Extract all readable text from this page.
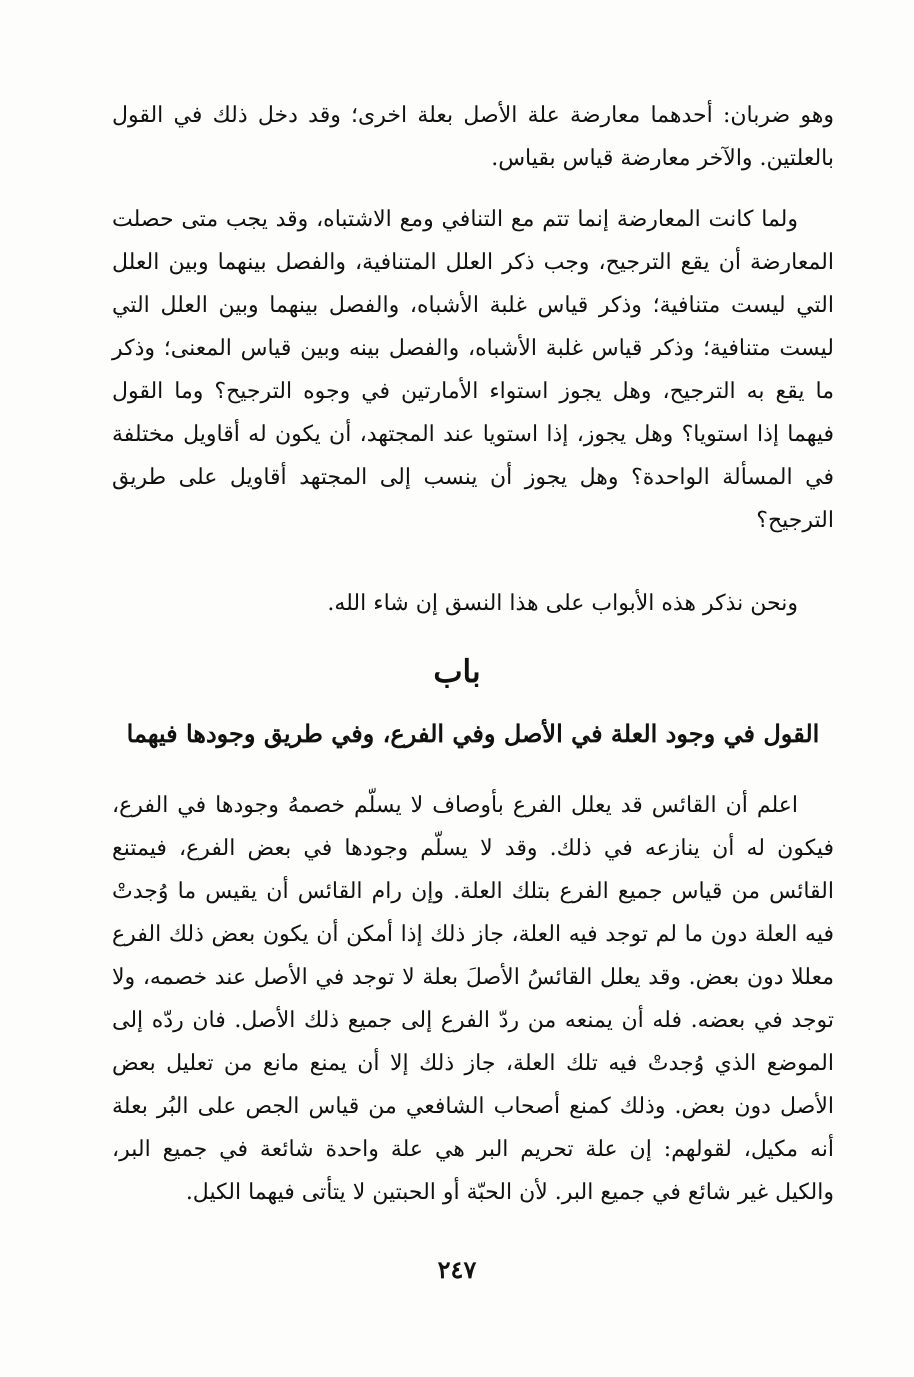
وهو ضربان: أحدهما معارضة علة الأصل بعلة اخرى؛ وقد دخل ذلك في القول بالعلتين. والآخر معارضة قياس بقياس.

ولما كانت المعارضة إنما تتم مع التنافي ومع الاشتباه، وقد يجب متى حصلت المعارضة أن يقع الترجيح، وجب ذكر العلل المتنافية، والفصل بينهما وبين العلل التي ليست متنافية؛ وذكر قياس غلبة الأشباه، والفصل بينهما وبين العلل التي ليست متنافية؛ وذكر قياس غلبة الأشباه، والفصل بينه وبين قياس المعنى؛ وذكر ما يقع به الترجيح، وهل يجوز استواء الأمارتين في وجوه الترجيح؟ وما القول فيهما إذا استويا؟ وهل يجوز، إذا استويا عند المجتهد، أن يكون له أقاويل مختلفة في المسألة الواحدة؟ وهل يجوز أن ينسب إلى المجتهد أقاويل على طريق الترجيح؟

ونحن نذكر هذه الأبواب على هذا النسق إن شاء الله.

باب
القول في وجود العلة في الأصل وفي الفرع، وفي طريق وجودها فيهما

اعلم أن القائس قد يعلل الفرع بأوصاف لا يسلّم خصمهُ وجودها في الفرع، فيكون له أن ينازعه في ذلك. وقد لا يسلّم وجودها في بعض الفرع، فيمتنع القائس من قياس جميع الفرع بتلك العلة. وإن رام القائس أن يقيس ما وُجدتْ فيه العلة دون ما لم توجد فيه العلة، جاز ذلك إذا أمكن أن يكون بعض ذلك الفرع معللا دون بعض. وقد يعلل القائسُ الأصلَ بعلة لا توجد في الأصل عند خصمه، ولا توجد في بعضه. فله أن يمنعه من ردّ الفرع إلى جميع ذلك الأصل. فان ردّه إلى الموضع الذي وُجدتْ فيه تلك العلة، جاز ذلك إلا أن يمنع مانع من تعليل بعض الأصل دون بعض. وذلك كمنع أصحاب الشافعي من قياس الجص على البُر بعلة أنه مكيل، لقولهم: إن علة تحريم البر هي علة واحدة شائعة في جميع البر، والكيل غير شائع في جميع البر. لأن الحبّة أو الحبتين لا يتأتى فيهما الكيل.

٢٤٧
